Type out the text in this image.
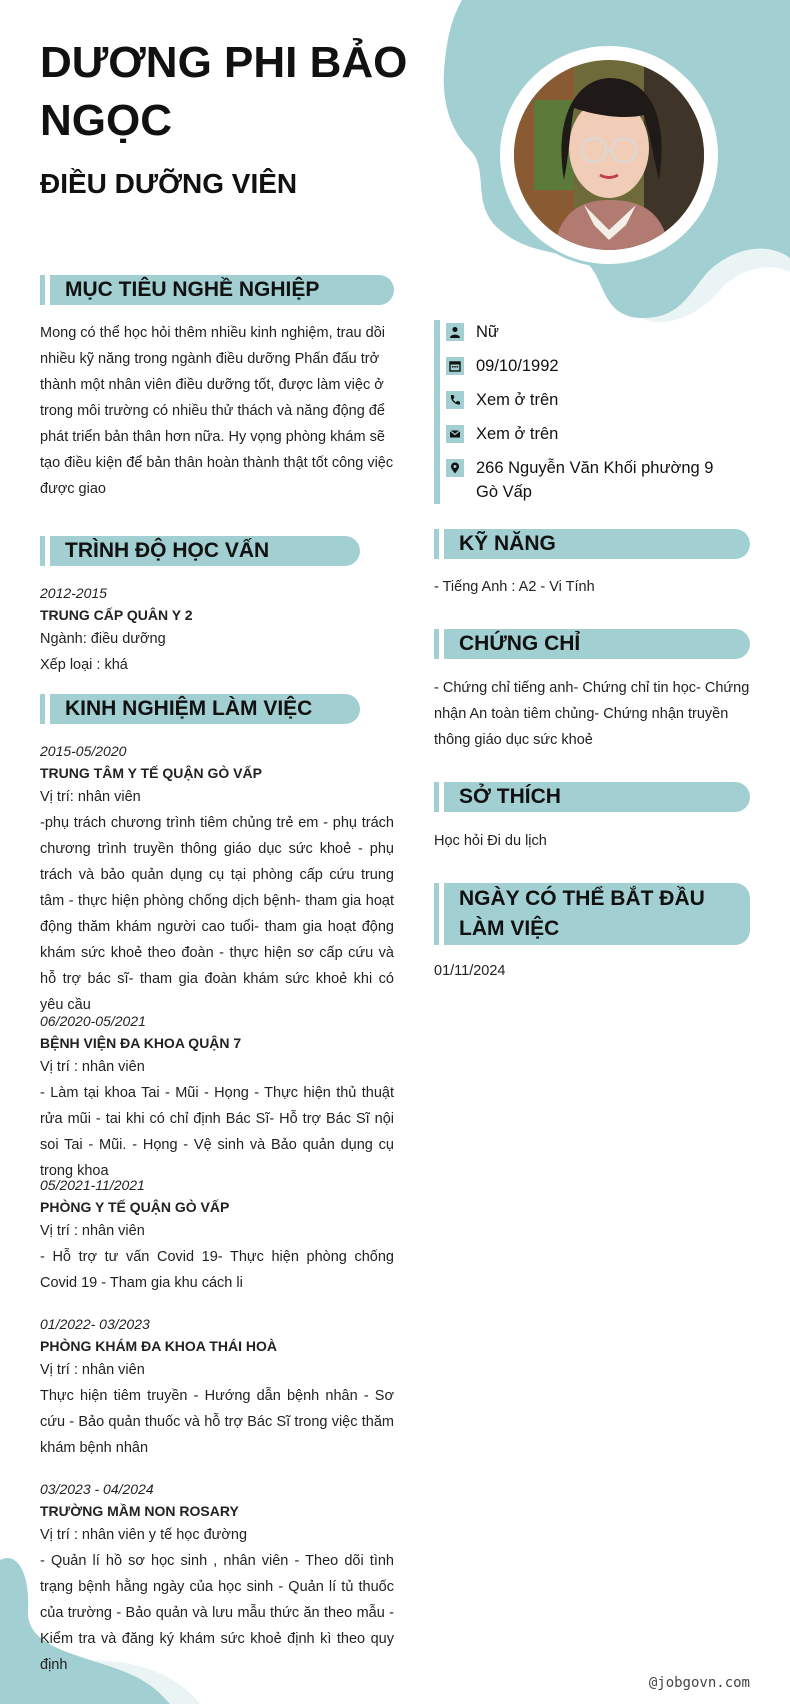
DƯƠNG PHI BẢO NGỌC
ĐIỀU DƯỠNG VIÊN
MỤC TIÊU NGHỀ NGHIỆP
Mong có thể học hỏi thêm nhiều kinh nghiệm, trau dồi nhiều kỹ năng trong ngành điều dưỡng Phấn đấu trở thành một nhân viên điều dưỡng tốt, được làm việc ở trong môi trường có nhiều thử thách và năng động để phát triển bản thân hơn nữa. Hy vọng phòng khám sẽ tạo điều kiện để bản thân hoàn thành thật tốt công việc được giao
TRÌNH ĐỘ HỌC VẤN
2012-2015
TRUNG CẤP QUÂN Y 2
Ngành: điều dưỡng
Xếp loại : khá
KINH NGHIỆM LÀM VIỆC
2015-05/2020
TRUNG TÂM Y TẾ QUẬN GÒ VẤP
Vị trí: nhân viên
-phụ trách chương trình tiêm chủng trẻ em - phụ trách chương trình truyền thông giáo dục sức khoẻ - phụ trách và bảo quản dụng cụ tại phòng cấp cứu trung tâm - thực hiện phòng chống dịch bệnh- tham gia hoạt động thăm khám người cao tuổi- tham gia hoạt động khám sức khoẻ theo đoàn - thực hiện sơ cấp cứu và hỗ trợ bác sĩ- tham gia đoàn khám sức khoẻ khi có yêu cầu
06/2020-05/2021
BỆNH VIỆN ĐA KHOA QUẬN 7
Vị trí : nhân viên
- Làm tại khoa Tai - Mũi - Họng - Thực hiện thủ thuật rửa mũi - tai khi có chỉ định Bác Sĩ- Hỗ trợ Bác Sĩ nội soi Tai - Mũi. - Họng - Vệ sinh và Bảo quản dụng cụ trong khoa
05/2021-11/2021
PHÒNG Y TẾ QUẬN GÒ VẤP
Vị trí : nhân viên
- Hỗ trợ tư vấn Covid 19- Thực hiện phòng chống Covid 19 - Tham gia khu cách li
01/2022- 03/2023
PHÒNG KHÁM ĐA KHOA THÁI HOÀ
Vị trí : nhân viên
Thực hiện tiêm truyền - Hướng dẫn bệnh nhân - Sơ cứu - Bảo quản thuốc và hỗ trợ Bác Sĩ trong việc thăm khám bệnh nhân
03/2023 - 04/2024
TRƯỜNG MẦM NON ROSARY
Vị trí : nhân viên y tế học đường
- Quản lí hồ sơ học sinh , nhân viên - Theo dõi tình trạng bệnh hằng ngày của học sinh - Quản lí tủ thuốc của trường - Bảo quản và lưu mẫu thức ăn theo mẫu - Kiểm tra và đăng ký khám sức khoẻ định kì theo quy định
Nữ
09/10/1992
Xem ở trên
Xem ở trên
266 Nguyễn Văn Khối phường 9 Gò Vấp
KỸ NĂNG
- Tiếng Anh : A2 - Vi Tính
CHỨNG CHỈ
- Chứng chỉ tiếng anh- Chứng chỉ tin học- Chứng nhận An toàn tiêm chủng- Chứng nhận truyền thông giáo dục sức khoẻ
SỞ THÍCH
Học hỏi Đi du lịch
NGÀY CÓ THỂ BẮT ĐẦU LÀM VIỆC
01/11/2024
@jobgovn.com
